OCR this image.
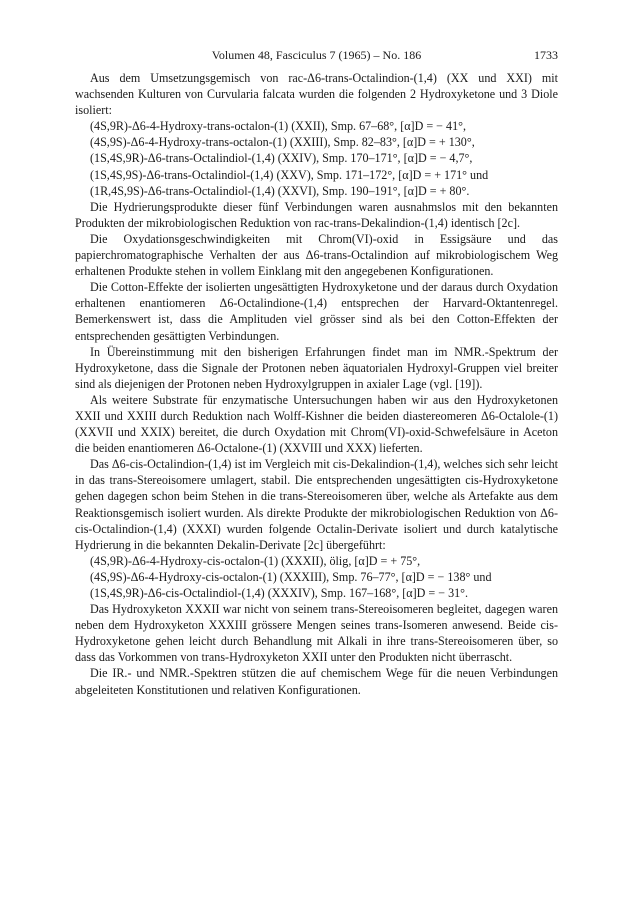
Volumen 48, Fasciculus 7 (1965) – No. 186	1733

Aus dem Umsetzungsgemisch von rac-Δ6-trans-Octalindion-(1,4) (XX und XXI) mit wachsenden Kulturen von Curvularia falcata wurden die folgenden 2 Hydroxyketone und 3 Diole isoliert:

(4S,9R)-Δ6-4-Hydroxy-trans-octalon-(1) (XXII), Smp. 67–68°, [α]D = − 41°,
(4S,9S)-Δ6-4-Hydroxy-trans-octalon-(1) (XXIII), Smp. 82–83°, [α]D = + 130°,
(1S,4S,9R)-Δ6-trans-Octalindiol-(1,4) (XXIV), Smp. 170–171°, [α]D = − 4,7°,
(1S,4S,9S)-Δ6-trans-Octalindiol-(1,4) (XXV), Smp. 171–172°, [α]D = + 171° und
(1R,4S,9S)-Δ6-trans-Octalindiol-(1,4) (XXVI), Smp. 190–191°, [α]D = + 80°.

Die Hydrierungsprodukte dieser fünf Verbindungen waren ausnahmslos mit den bekannten Produkten der mikrobiologischen Reduktion von rac-trans-Dekalindion-(1,4) identisch [2c].

Die Oxydationsgeschwindigkeiten mit Chrom(VI)-oxid in Essigsäure und das papierchromatographische Verhalten der aus Δ6-trans-Octalindion auf mikrobiologischem Weg erhaltenen Produkte stehen in vollem Einklang mit den angegebenen Konfigurationen.

Die Cotton-Effekte der isolierten ungesättigten Hydroxyketone und der daraus durch Oxydation erhaltenen enantiomeren Δ6-Octalindione-(1,4) entsprechen der Harvard-Oktantenregel. Bemerkenswert ist, dass die Amplituden viel grösser sind als bei den Cotton-Effekten der entsprechenden gesättigten Verbindungen.

In Übereinstimmung mit den bisherigen Erfahrungen findet man im NMR.-Spektrum der Hydroxyketone, dass die Signale der Protonen neben äquatorialen Hydroxyl-Gruppen viel breiter sind als diejenigen der Protonen neben Hydroxylgruppen in axialer Lage (vgl. [19]).

Als weitere Substrate für enzymatische Untersuchungen haben wir aus den Hydroxyketonen XXII und XXIII durch Reduktion nach Wolff-Kishner die beiden diastereomeren Δ6-Octalole-(1) (XXVII und XXIX) bereitet, die durch Oxydation mit Chrom(VI)-oxid-Schwefelsäure in Aceton die beiden enantiomeren Δ6-Octalone-(1) (XXVIII und XXX) lieferten.

Das Δ6-cis-Octalindion-(1,4) ist im Vergleich mit cis-Dekalindion-(1,4), welches sich sehr leicht in das trans-Stereoisomere umlagert, stabil. Die entsprechenden ungesättigten cis-Hydroxyketone gehen dagegen schon beim Stehen in die trans-Stereoisomeren über, welche als Artefakte aus dem Reaktionsgemisch isoliert wurden. Als direkte Produkte der mikrobiologischen Reduktion von Δ6-cis-Octalindion-(1,4) (XXXI) wurden folgende Octalin-Derivate isoliert und durch katalytische Hydrierung in die bekannten Dekalin-Derivate [2c] übergeführt:

(4S,9R)-Δ6-4-Hydroxy-cis-octalon-(1) (XXXII), ölig, [α]D = + 75°,
(4S,9S)-Δ6-4-Hydroxy-cis-octalon-(1) (XXXIII), Smp. 76–77°, [α]D = − 138° und
(1S,4S,9R)-Δ6-cis-Octalindiol-(1,4) (XXXIV), Smp. 167–168°, [α]D = − 31°.

Das Hydroxyketon XXXII war nicht von seinem trans-Stereoisomeren begleitet, dagegen waren neben dem Hydroxyketon XXXIII grössere Mengen seines trans-Isomeren anwesend. Beide cis-Hydroxyketone gehen leicht durch Behandlung mit Alkali in ihre trans-Stereoisomeren über, so dass das Vorkommen von trans-Hydroxyketon XXII unter den Produkten nicht überrascht.

Die IR.- und NMR.-Spektren stützen die auf chemischem Wege für die neuen Verbindungen abgeleiteten Konstitutionen und relativen Konfigurationen.
